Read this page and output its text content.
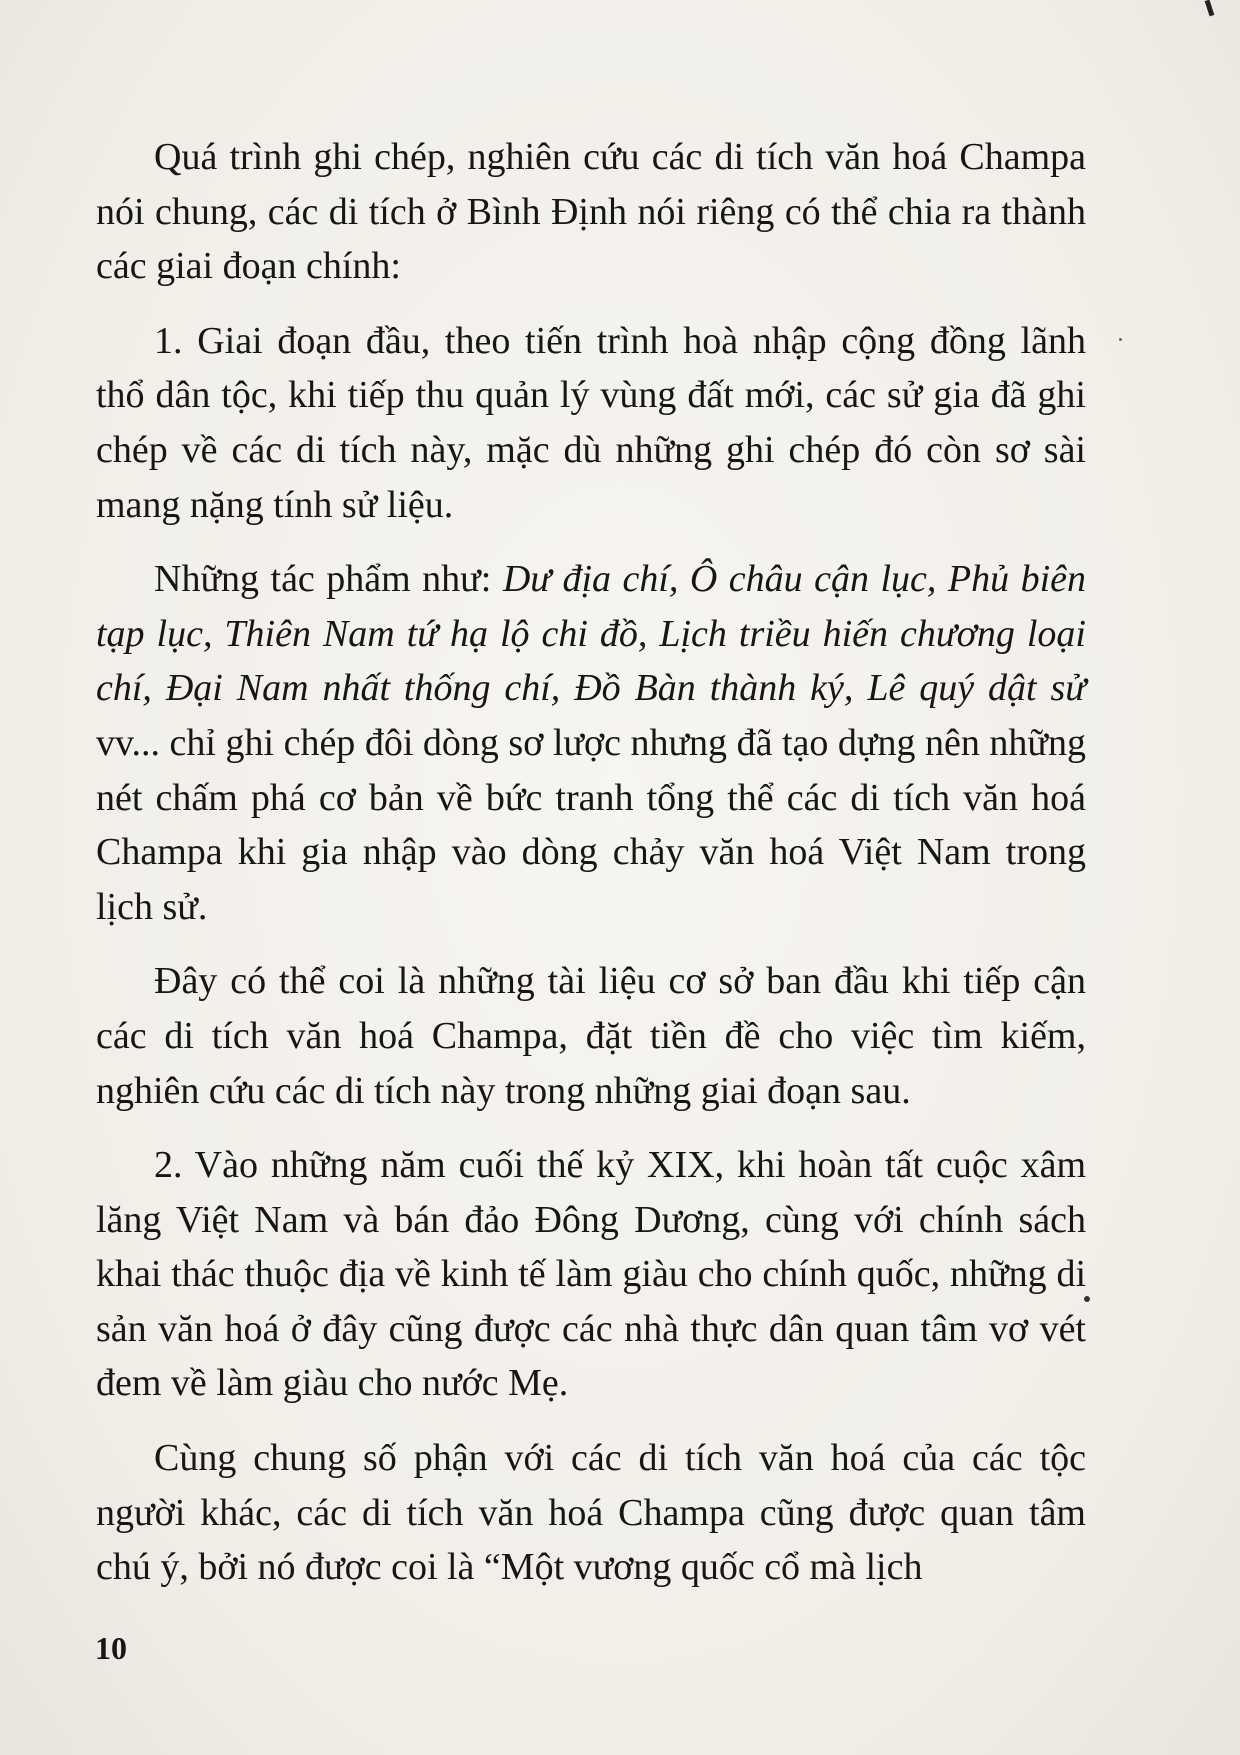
Quá trình ghi chép, nghiên cứu các di tích văn hoá Champa nói chung, các di tích ở Bình Định nói riêng có thể chia ra thành các giai đoạn chính:

1. Giai đoạn đầu, theo tiến trình hoà nhập cộng đồng lãnh thổ dân tộc, khi tiếp thu quản lý vùng đất mới, các sử gia đã ghi chép về các di tích này, mặc dù những ghi chép đó còn sơ sài mang nặng tính sử liệu.

Những tác phẩm như: Dư địa chí, Ô châu cận lục, Phủ biên tạp lục, Thiên Nam tứ hạ lộ chi đồ, Lịch triều hiến chương loại chí, Đại Nam nhất thống chí, Đồ Bàn thành ký, Lê quý dật sử vv... chỉ ghi chép đôi dòng sơ lược nhưng đã tạo dựng nên những nét chấm phá cơ bản về bức tranh tổng thể các di tích văn hoá Champa khi gia nhập vào dòng chảy văn hoá Việt Nam trong lịch sử.

Đây có thể coi là những tài liệu cơ sở ban đầu khi tiếp cận các di tích văn hoá Champa, đặt tiền đề cho việc tìm kiếm, nghiên cứu các di tích này trong những giai đoạn sau.

2. Vào những năm cuối thế kỷ XIX, khi hoàn tất cuộc xâm lăng Việt Nam và bán đảo Đông Dương, cùng với chính sách khai thác thuộc địa về kinh tế làm giàu cho chính quốc, những di sản văn hoá ở đây cũng được các nhà thực dân quan tâm vơ vét đem về làm giàu cho nước Mẹ.

Cùng chung số phận với các di tích văn hoá của các tộc người khác, các di tích văn hoá Champa cũng được quan tâm chú ý, bởi nó được coi là “Một vương quốc cổ mà lịch

10
